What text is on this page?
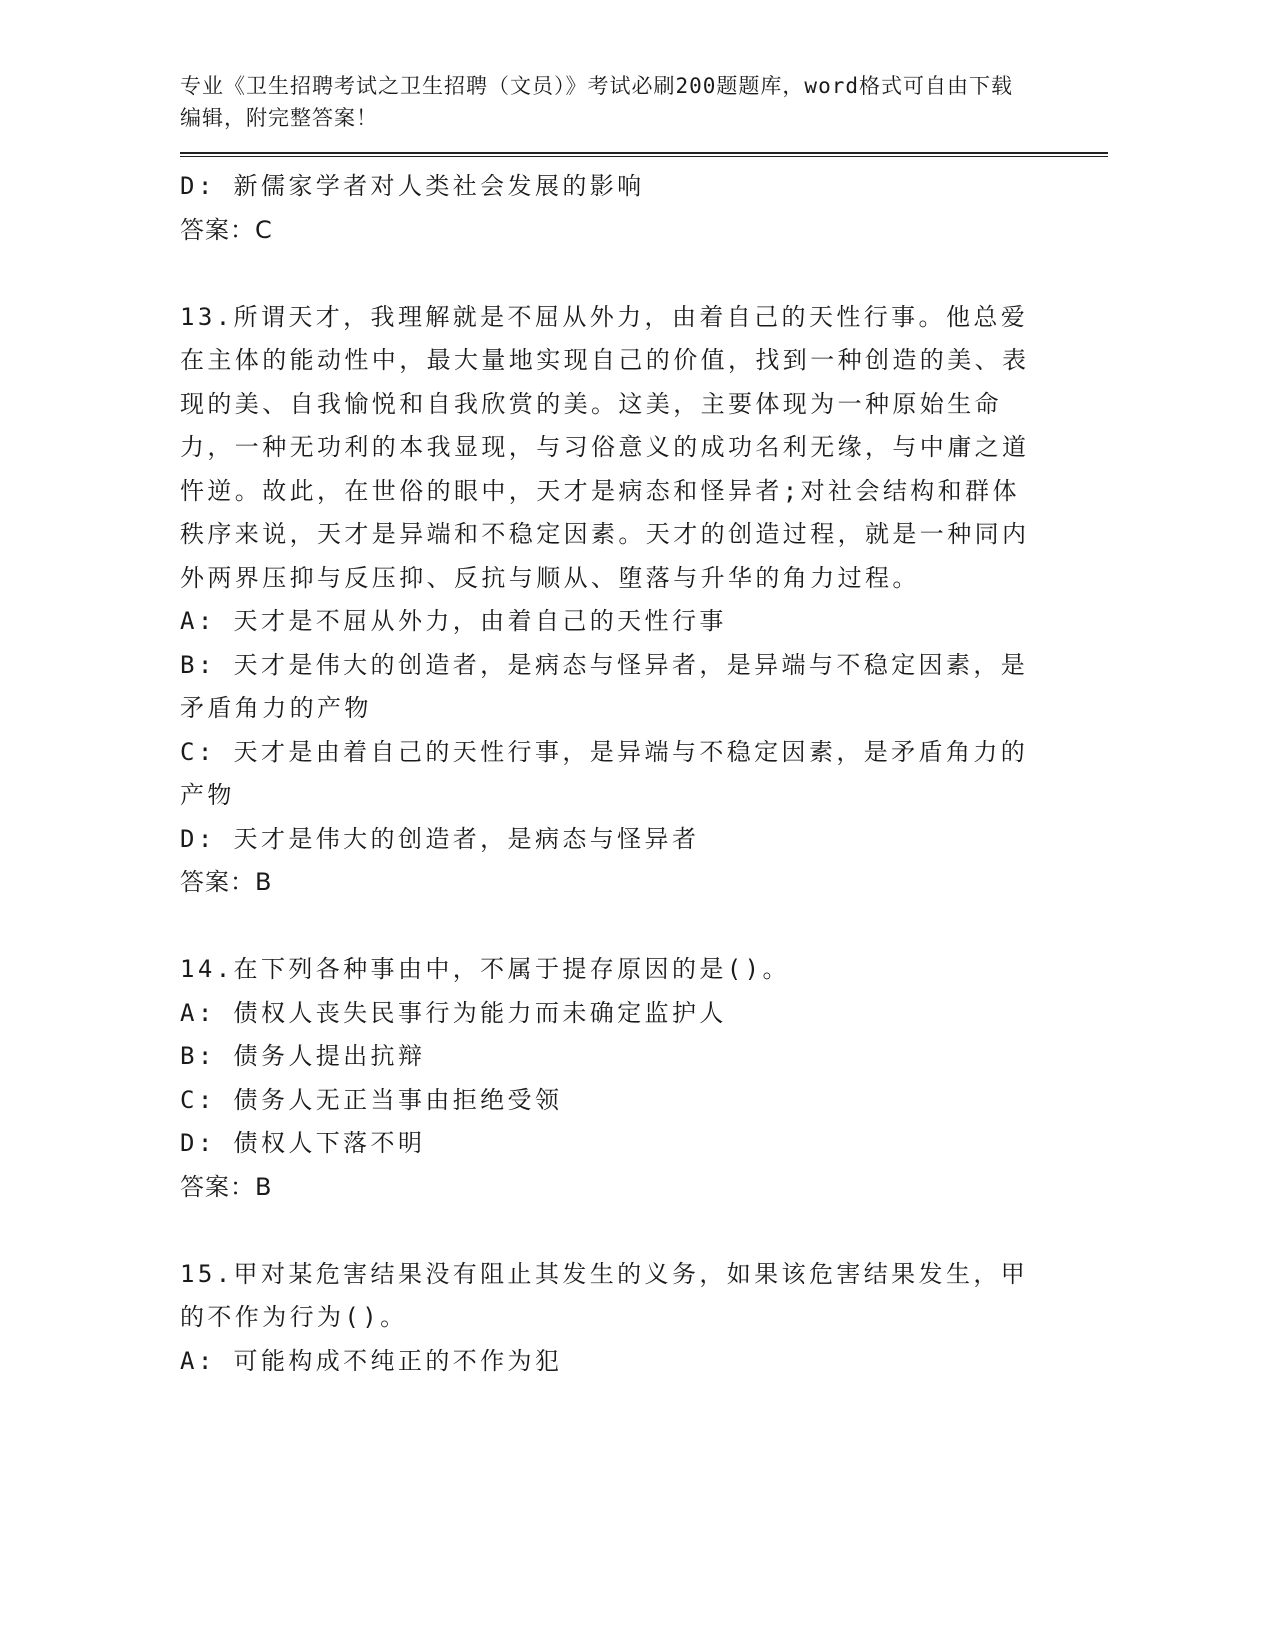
专业《卫生招聘考试之卫生招聘（文员）》考试必刷200题题库，word格式可自由下载编辑，附完整答案！
D: 新儒家学者对人类社会发展的影响
答案：C
13.所谓天才，我理解就是不屈从外力，由着自己的天性行事。他总爱在主体的能动性中，最大量地实现自己的价值，找到一种创造的美、表现的美、自我愉悦和自我欣赏的美。这美，主要体现为一种原始生命力，一种无功利的本我显现，与习俗意义的成功名利无缘，与中庸之道忤逆。故此，在世俗的眼中，天才是病态和怪异者;对社会结构和群体秩序来说，天才是异端和不稳定因素。天才的创造过程，就是一种同内外两界压抑与反压抑、反抗与顺从、堕落与升华的角力过程。
A: 天才是不屈从外力，由着自己的天性行事
B: 天才是伟大的创造者，是病态与怪异者，是异端与不稳定因素，是矛盾角力的产物
C: 天才是由着自己的天性行事，是异端与不稳定因素，是矛盾角力的产物
D: 天才是伟大的创造者，是病态与怪异者
答案：B
14.在下列各种事由中，不属于提存原因的是()。
A: 债权人丧失民事行为能力而未确定监护人
B: 债务人提出抗辩
C: 债务人无正当事由拒绝受领
D: 债权人下落不明
答案：B
15.甲对某危害结果没有阻止其发生的义务，如果该危害结果发生，甲的不作为行为()。
A: 可能构成不纯正的不作为犯
